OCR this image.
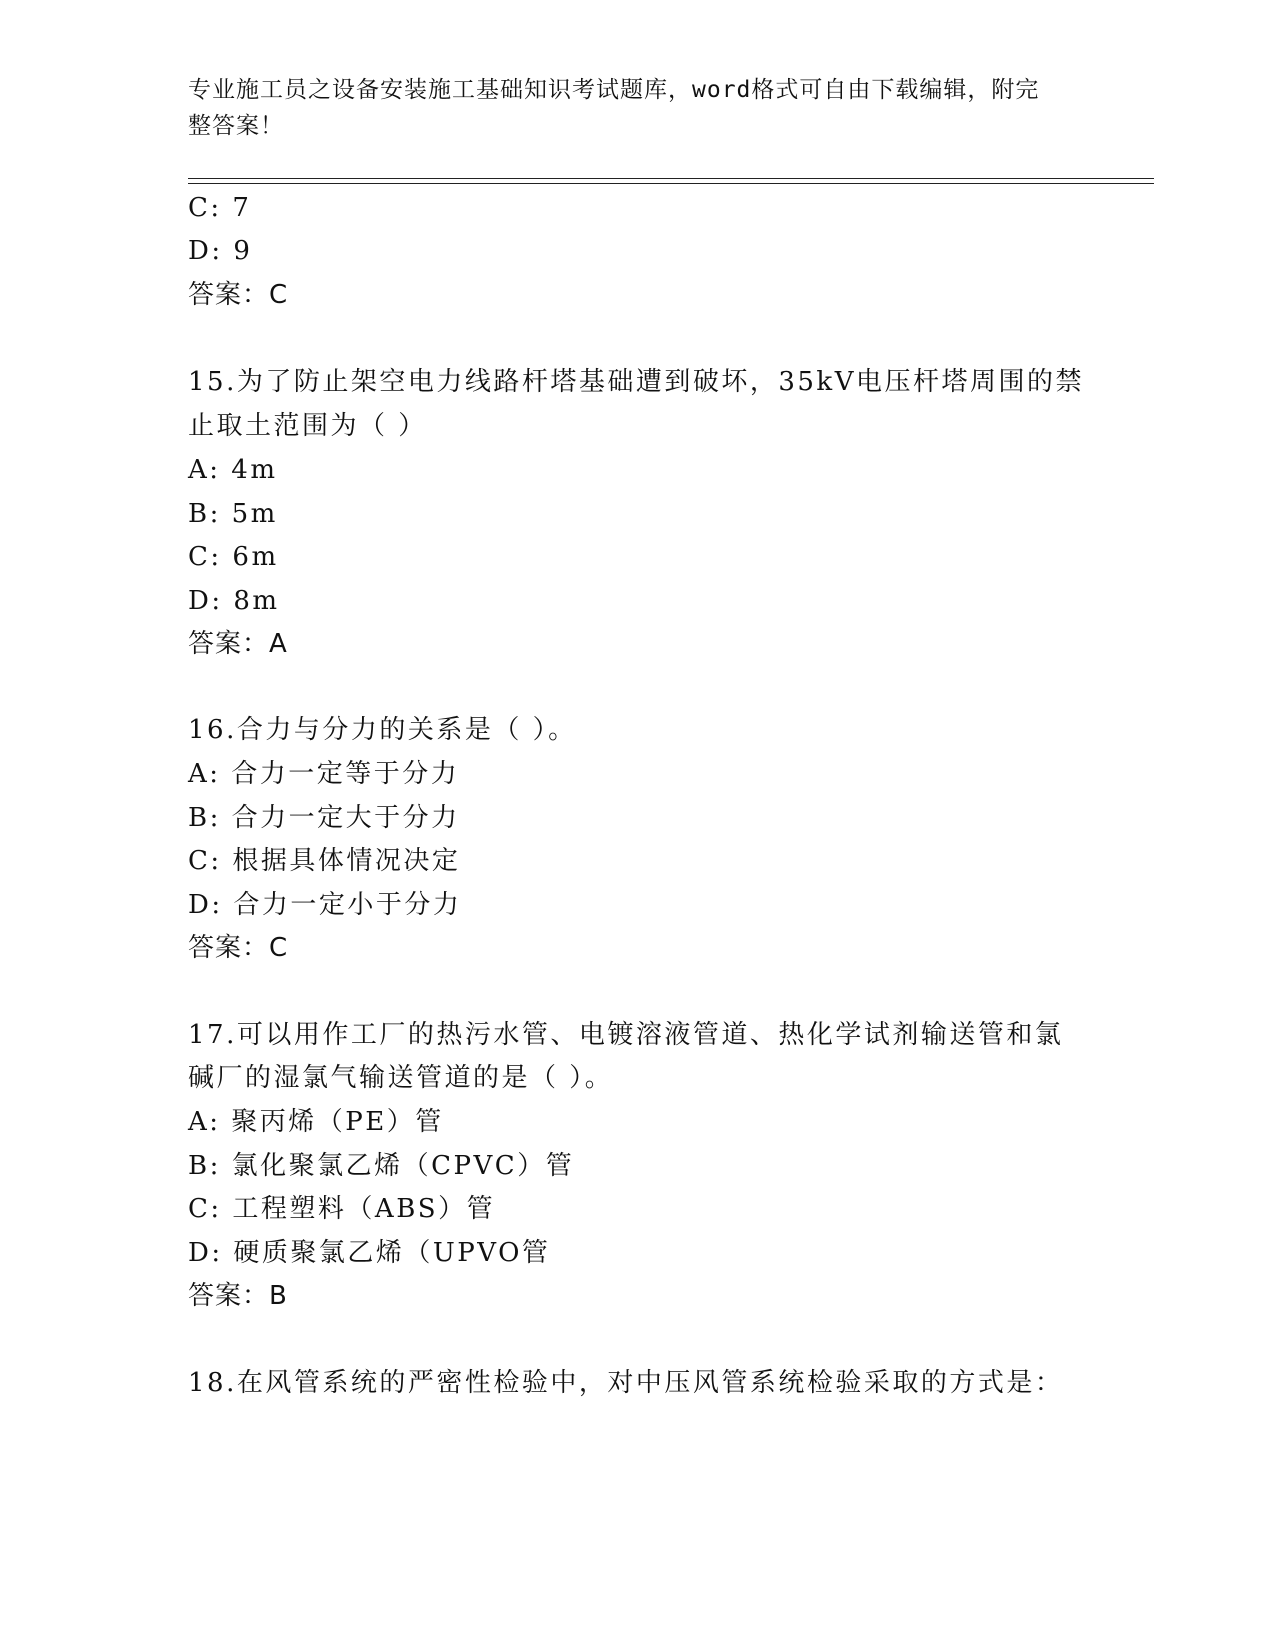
专业施工员之设备安装施工基础知识考试题库，word格式可自由下载编辑，附完
整答案！
C: 7
D: 9
答案：C
15.为了防止架空电力线路杆塔基础遭到破坏，35kV电压杆塔周围的禁
止取土范围为（ ）
A: 4m
B: 5m
C: 6m
D: 8m
答案：A
16.合力与分力的关系是（ ）。
A: 合力一定等于分力
B: 合力一定大于分力
C: 根据具体情况决定
D: 合力一定小于分力
答案：C
17.可以用作工厂的热污水管、电镀溶液管道、热化学试剂输送管和氯
碱厂的湿氯气输送管道的是（ ）。
A: 聚丙烯（PE）管
B: 氯化聚氯乙烯（CPVC）管
C: 工程塑料（ABS）管
D: 硬质聚氯乙烯（UPVO管
答案：B
18.在风管系统的严密性检验中，对中压风管系统检验采取的方式是：
